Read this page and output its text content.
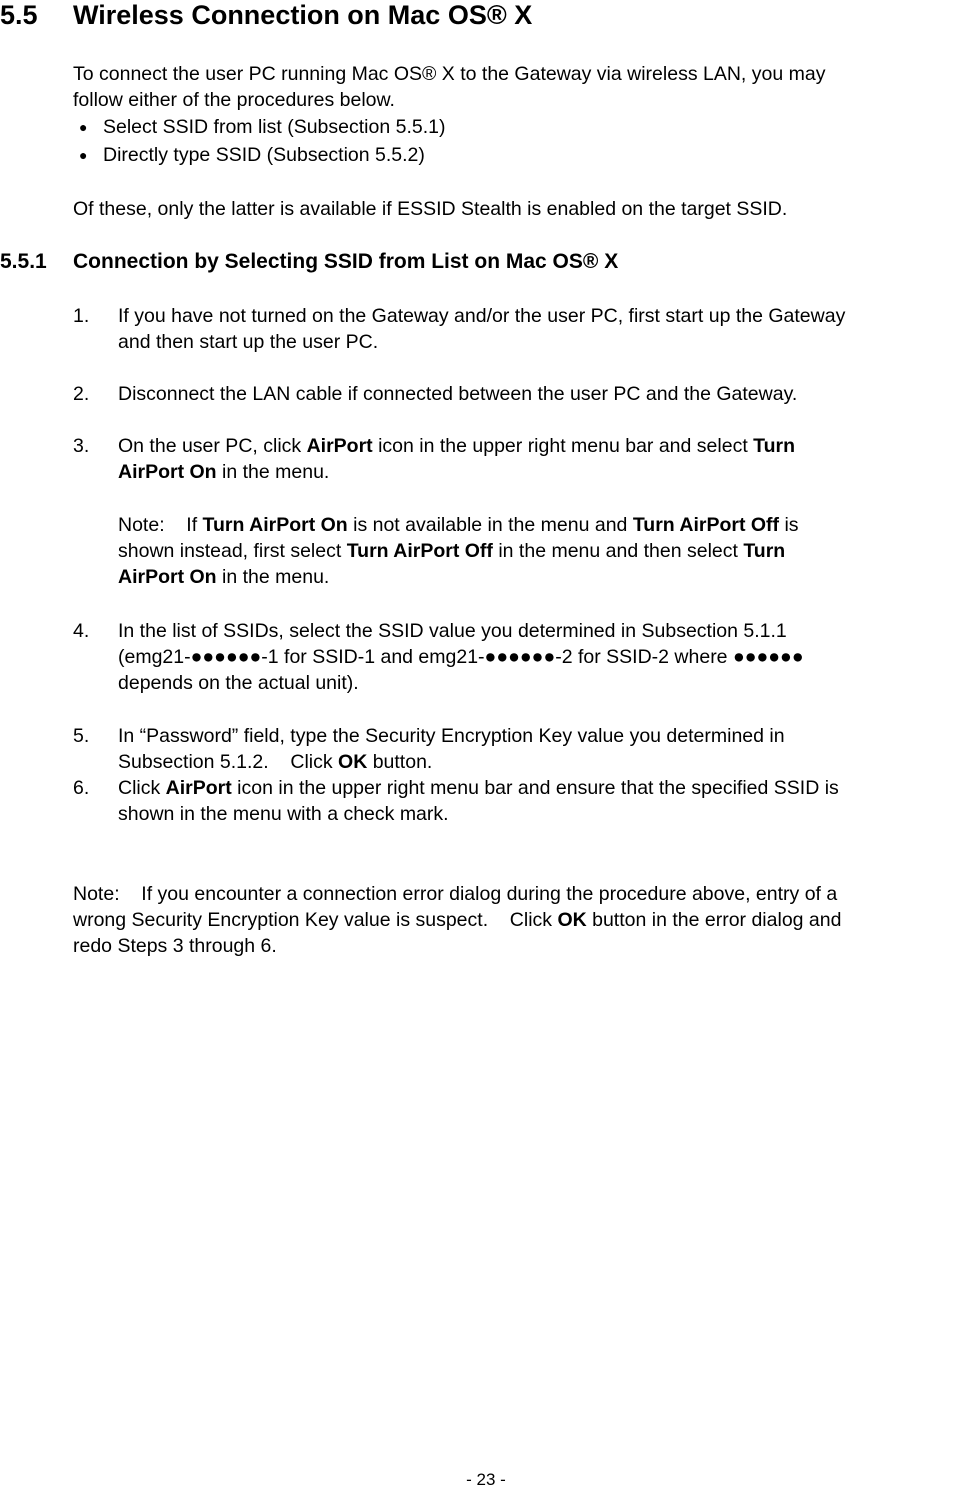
5.5 Wireless Connection on Mac OS® X
To connect the user PC running Mac OS® X to the Gateway via wireless LAN, you may
follow either of the procedures below.
● Select SSID from list (Subsection 5.5.1)
● Directly type SSID (Subsection 5.5.2)
Of these, only the latter is available if ESSID Stealth is enabled on the target SSID.
5.5.1 Connection by Selecting SSID from List on Mac OS® X
1. If you have not turned on the Gateway and/or the user PC, first start up the Gateway
and then start up the user PC.
2. Disconnect the LAN cable if connected between the user PC and the Gateway.
3. On the user PC, click AirPort icon in the upper right menu bar and select Turn
AirPort On in the menu.
Note:    If Turn AirPort On is not available in the menu and Turn AirPort Off is
shown instead, first select Turn AirPort Off in the menu and then select Turn
AirPort On in the menu.
4. In the list of SSIDs, select the SSID value you determined in Subsection 5.1.1
(emg21-●●●●●●-1 for SSID-1 and emg21-●●●●●●-2 for SSID-2 where ●●●●●●
depends on the actual unit).
5. In “Password” field, type the Security Encryption Key value you determined in
Subsection 5.1.2.    Click OK button.
6. Click AirPort icon in the upper right menu bar and ensure that the specified SSID is
shown in the menu with a check mark.
Note:    If you encounter a connection error dialog during the procedure above, entry of a
wrong Security Encryption Key value is suspect.    Click OK button in the error dialog and
redo Steps 3 through 6.
- 23 -
